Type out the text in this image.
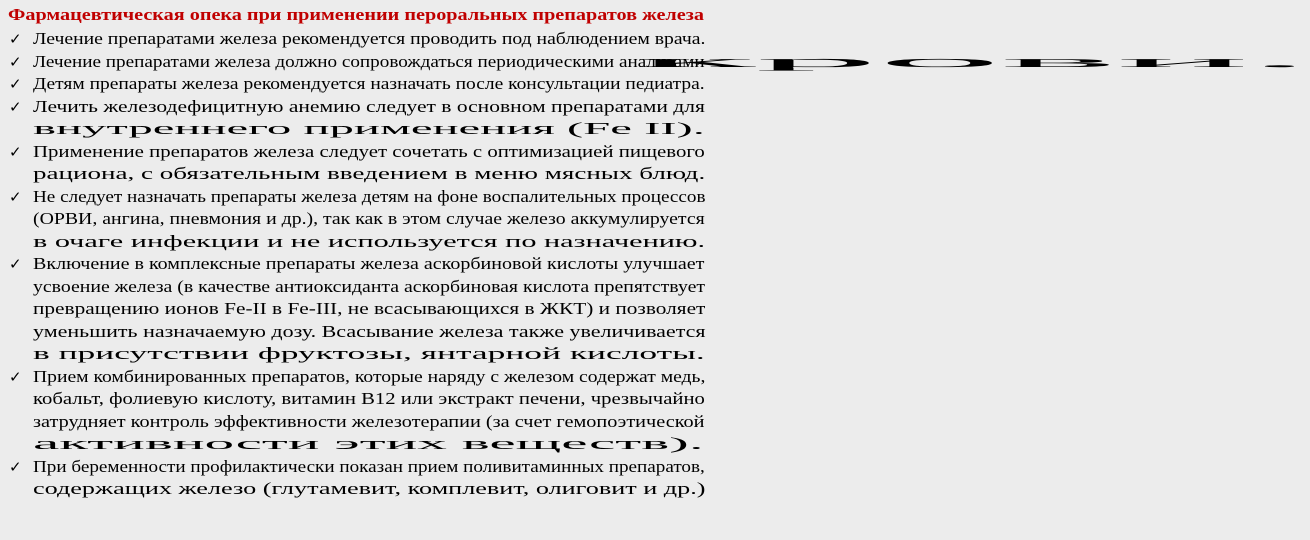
Фармацевтическая опека при применении пероральных препаратов железа
✓ Лечение препаратами железа рекомендуется проводить под наблюдением врача.
✓ Лечение препаратами железа должно сопровождаться периодическими анализамикрови.
✓ Детям препараты железа рекомендуется назначать после консультации педиатра.
✓ Лечить железодефицитную анемию следует в основном препаратами длявнутреннего применения (Fe II).
✓ Применение препаратов железа следует сочетать с оптимизацией пищевогорациона, с обязательным введением в меню мясных блюд.
✓ Не следует назначать препараты железа детям на фоне воспалительных процессов(ОРВИ, ангина, пневмония и др.), так как в этом случае железо аккумулируетсяв очаге инфекции и не используется по назначению.
✓ Включение в комплексные препараты железа аскорбиновой кислоты улучшаетусвоение железа (в качестве антиоксиданта аскорбиновая кислота препятствуетпревращению ионов Fe-II в Fe-III, не всасывающихся в ЖКТ) и позволяетуменьшить назначаемую дозу. Всасывание железа также увеличиваетсяв присутствии фруктозы, янтарной кислоты.
✓ Прием комбинированных препаратов, которые наряду с железом содержат медь,кобальт, фолиевую кислоту, витамин В12 или экстракт печени, чрезвычайнозатрудняет контроль эффективности железотерапии (за счет гемопоэтическойактивности этих веществ).
✓ При беременности профилактически показан прием поливитаминных препаратов,содержащих железо (глутамевит, комплевит, олиговит и др.)
